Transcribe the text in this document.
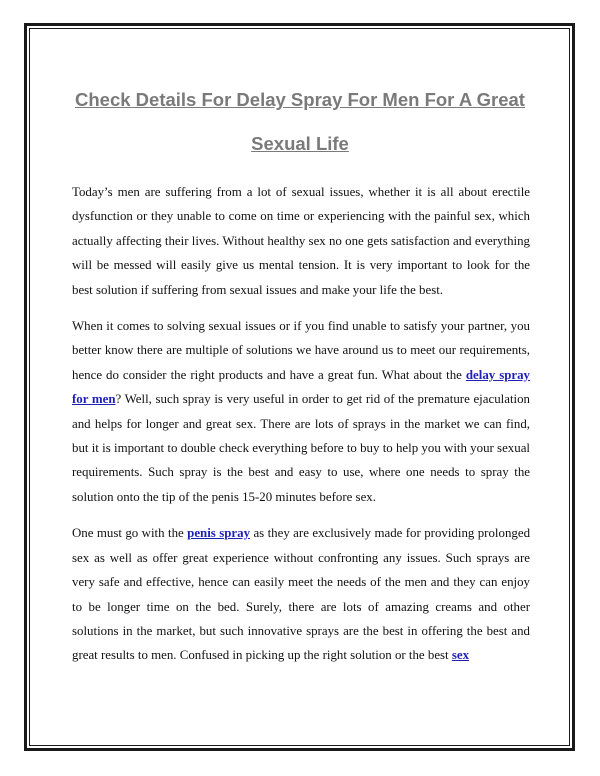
Check Details For Delay Spray For Men For A Great Sexual Life

Today’s men are suffering from a lot of sexual issues, whether it is all about erectile dysfunction or they unable to come on time or experiencing with the painful sex, which actually affecting their lives. Without healthy sex no one gets satisfaction and everything will be messed will easily give us mental tension. It is very important to look for the best solution if suffering from sexual issues and make your life the best.

When it comes to solving sexual issues or if you find unable to satisfy your partner, you better know there are multiple of solutions we have around us to meet our requirements, hence do consider the right products and have a great fun. What about the delay spray for men? Well, such spray is very useful in order to get rid of the premature ejaculation and helps for longer and great sex. There are lots of sprays in the market we can find, but it is important to double check everything before to buy to help you with your sexual requirements. Such spray is the best and easy to use, where one needs to spray the solution onto the tip of the penis 15-20 minutes before sex.

One must go with the penis spray as they are exclusively made for providing prolonged sex as well as offer great experience without confronting any issues. Such sprays are very safe and effective, hence can easily meet the needs of the men and they can enjoy to be longer time on the bed. Surely, there are lots of amazing creams and other solutions in the market, but such innovative sprays are the best in offering the best and great results to men. Confused in picking up the right solution or the best sex
